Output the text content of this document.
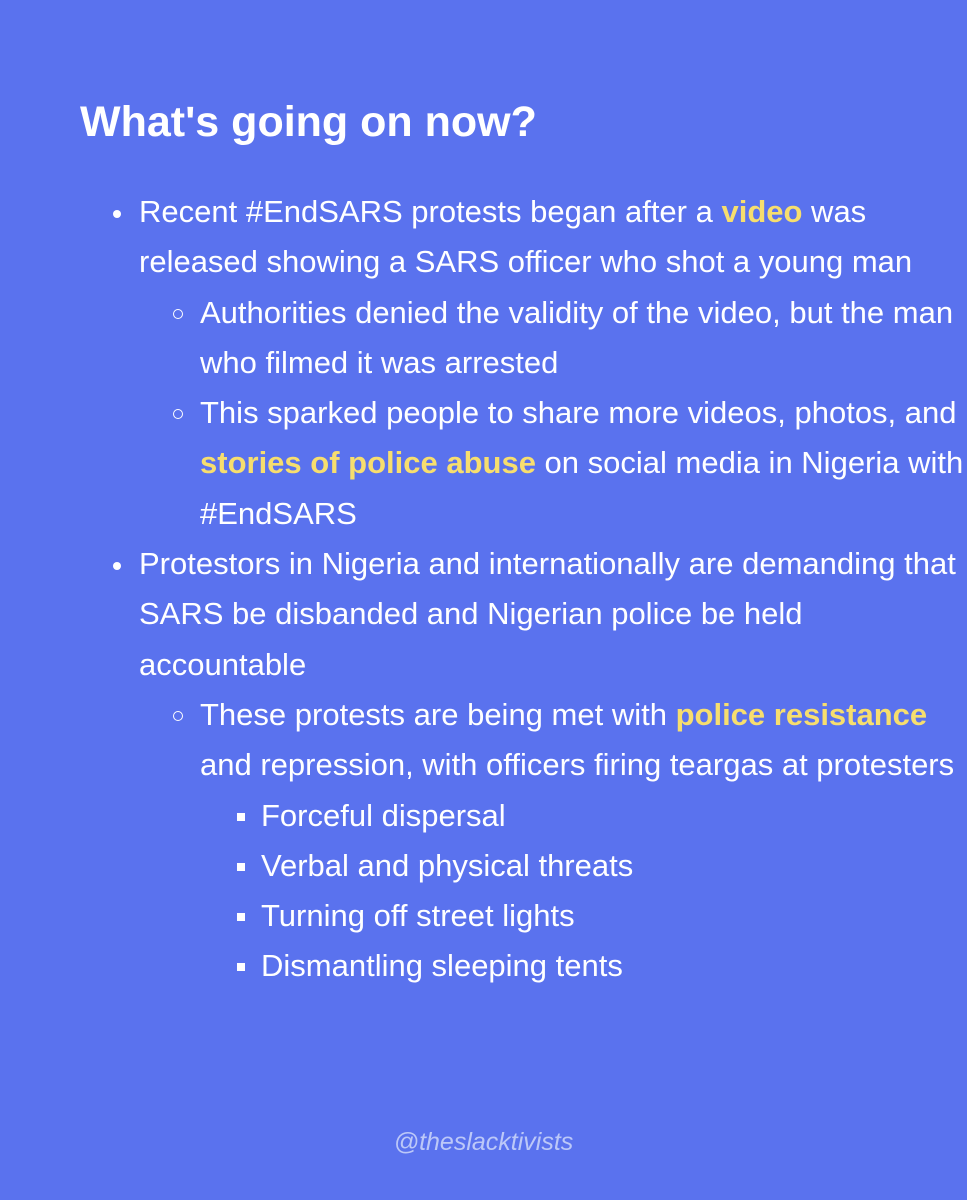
What's going on now?
Recent #EndSARS protests began after a video was released showing a SARS officer who shot a young man
Authorities denied the validity of the video, but the man who filmed it was arrested
This sparked people to share more videos, photos, and stories of police abuse on social media in Nigeria with #EndSARS
Protestors in Nigeria and internationally are demanding that SARS be disbanded and Nigerian police be held accountable
These protests are being met with police resistance and repression, with officers firing teargas at protesters
Forceful dispersal
Verbal and physical threats
Turning off street lights
Dismantling sleeping tents
@theslacktivists
